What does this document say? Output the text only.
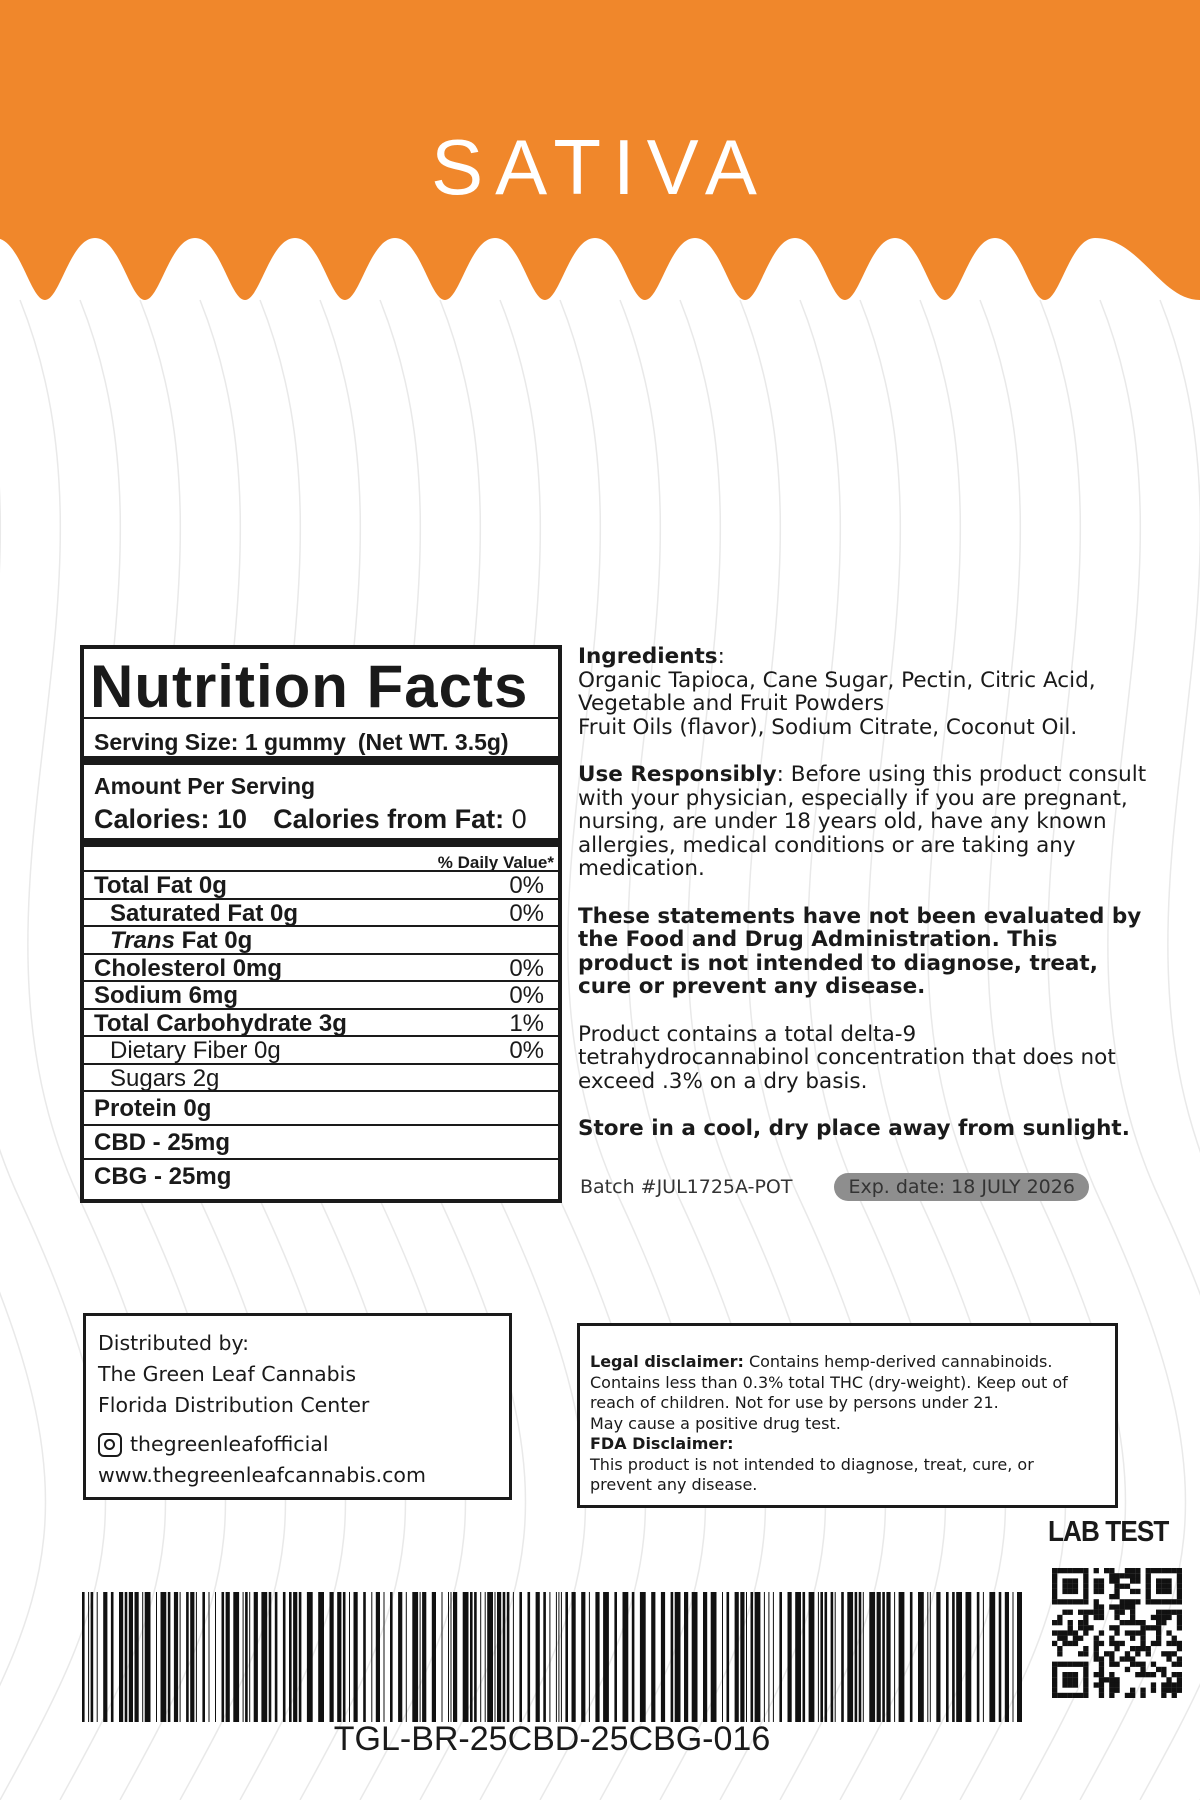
SATIVA
Nutrition Facts
Serving Size: 1 gummy (Net WT. 3.5g)
Amount Per Serving
Calories: 10 Calories from Fat: 0
% Daily Value*
Total Fat 0g	0%
Saturated Fat 0g	0%
Trans Fat 0g
Cholesterol 0mg	0%
Sodium 6mg	0%
Total Carbohydrate 3g	1%
Dietary Fiber 0g	0%
Sugars 2g
Protein 0g
CBD - 25mg
CBG - 25mg

Ingredients:
Organic Tapioca, Cane Sugar, Pectin, Citric Acid,
Vegetable and Fruit Powders
Fruit Oils (flavor), Sodium Citrate, Coconut Oil.

Use Responsibly: Before using this product consult with your physician, especially if you are pregnant, nursing, are under 18 years old, have any known allergies, medical conditions or are taking any medication.

These statements have not been evaluated by the Food and Drug Administration. This product is not intended to diagnose, treat, cure or prevent any disease.

Product contains a total delta-9 tetrahydrocannabinol concentration that does not exceed .3% on a dry basis.

Store in a cool, dry place away from sunlight.

Batch #JUL1725A-POT	Exp. date: 18 JULY 2026
Distributed by:
The Green Leaf Cannabis
Florida Distribution Center
thegreenleafofficial
www.thegreenleafcannabis.com
Legal disclaimer: Contains hemp-derived cannabinoids.
Contains less than 0.3% total THC (dry-weight). Keep out of
reach of children. Not for use by persons under 21.
May cause a positive drug test.
FDA Disclaimer:
This product is not intended to diagnose, treat, cure, or
prevent any disease.
LAB TEST
TGL-BR-25CBD-25CBG-016
